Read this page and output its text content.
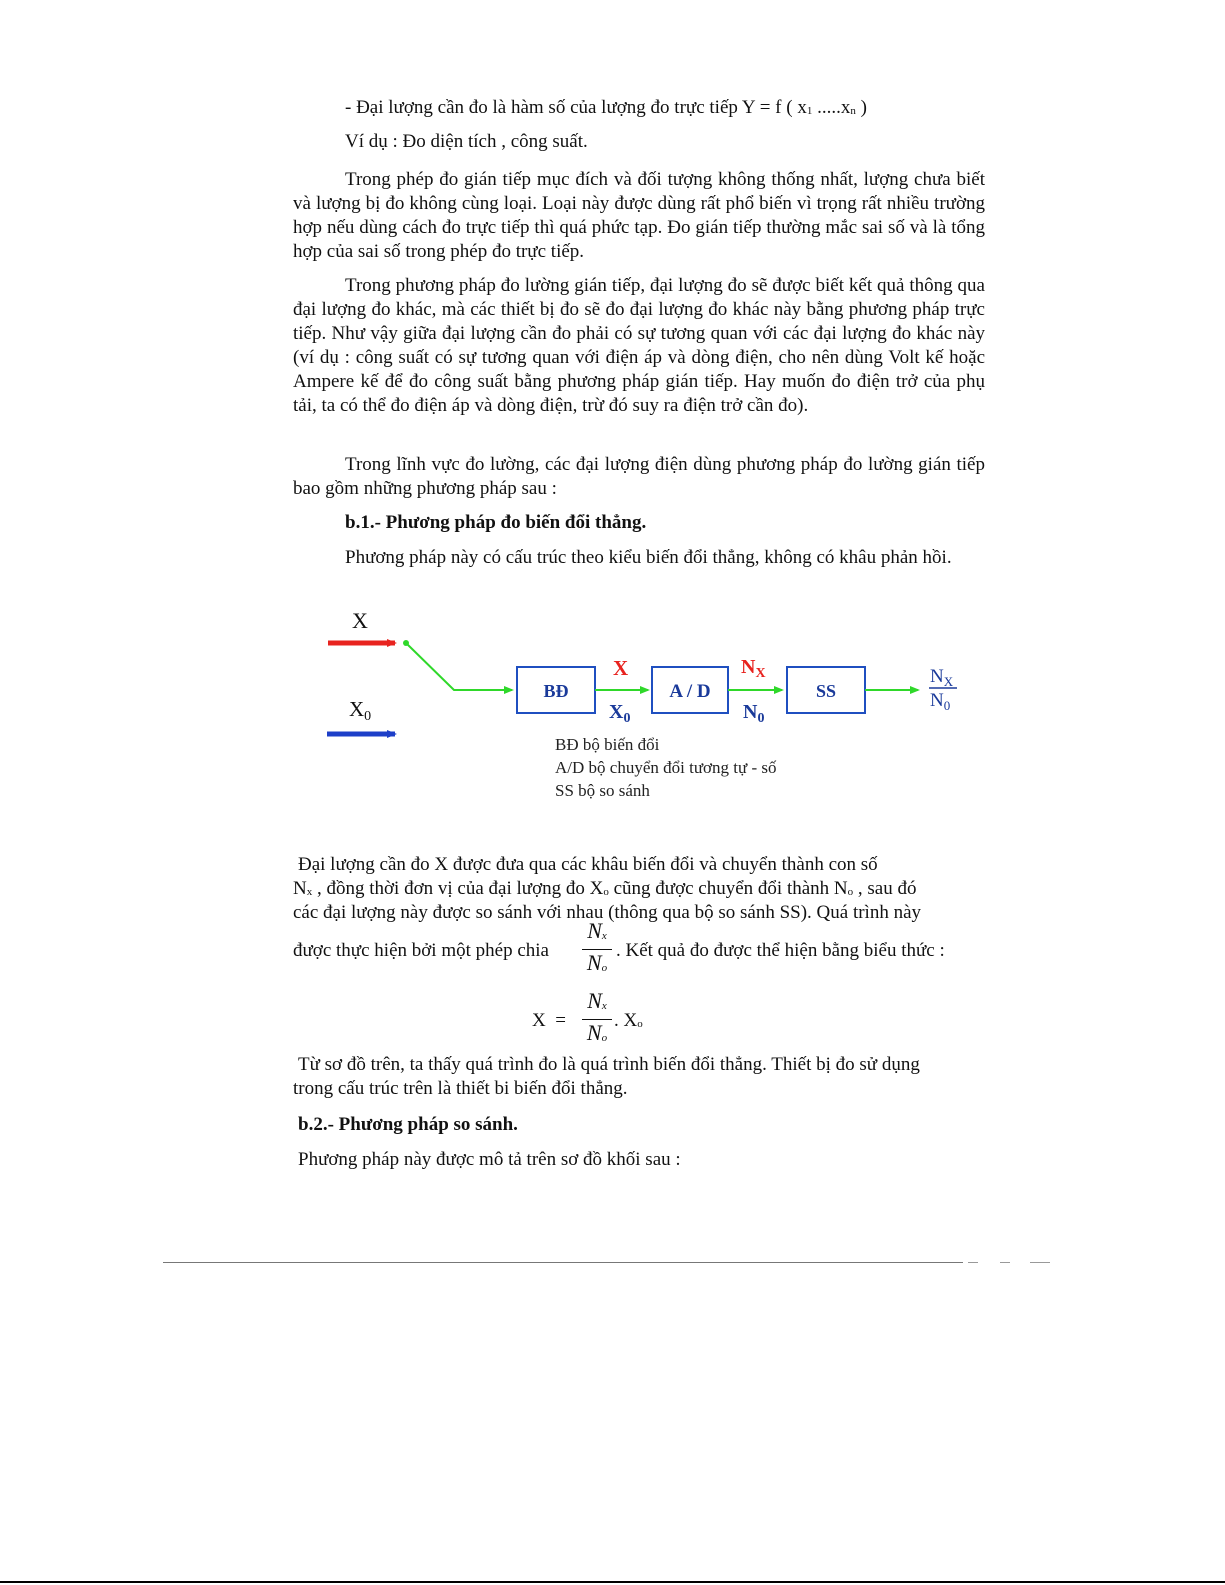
- Đại lượng cần đo là hàm số của lượng đo trực tiếp Y = f ( $x_1$ $.....x_n$ )

Ví dụ : Đo diện tích , công suất.

Trong phép đo gián tiếp mục đích và đối tượng không thống nhất, lượng chưa biết và lượng bị đo không cùng loại. Loại này được dùng rất phổ biến vì trọng rất nhiều trường hợp nếu dùng cách đo trực tiếp thì quá phức tạp. Đo gián tiếp thường mắc sai số và là tổng hợp của sai số trong phép đo trực tiếp.

Trong phương pháp đo lường gián tiếp, đại lượng đo sẽ được biết kết quả thông qua đại lượng đo khác, mà các thiết bị đo sẽ đo đại lượng đo khác này bằng phương pháp trực tiếp. Như vậy giữa đại lượng cần đo phải có sự tương quan với các đại lượng đo khác này (ví dụ : công suất có sự tương quan với điện áp và dòng điện, cho nên dùng Volt kế hoặc Ampere kế để đo công suất bằng phương pháp gián tiếp. Hay muốn đo điện trở của phụ tải, ta có thể đo điện áp và dòng điện, trừ đó suy ra điện trở cần đo).

Trong lĩnh vực đo lường, các đại lượng điện dùng phương pháp đo lường gián tiếp bao gồm những phương pháp sau :

b.1.- Phương pháp đo biến đổi thẳng.

Phương pháp này có cấu trúc theo kiểu biến đổi thẳng, không có khâu phản hồi.

X
X0
BĐ
X
$X_0$
A / D
$N_X$
$N_0$
SS
$N_X$
$N_0$
BĐ bộ biến đổi
A/D bộ chuyển đổi tương tự - số
SS bộ so sánh

Đại lượng cần đo X được đưa qua các khâu biến đổi và chuyển thành con số

$N_x$ , đồng thời đơn vị của đại lượng đo $X_o$ cũng được chuyển đổi thành $N_o$ , sau đó

các đại lượng này được so sánh với nhau (thông qua bộ so sánh SS). Quá trình này

được thực hiện bởi một phép chia

$N_x$
$N_o$

. Kết quả đo được thể hiện bằng biểu thức :

X  =

$N_x$
$N_o$

. $X_o$

Từ sơ đồ trên, ta thấy quá trình đo là quá trình biến đổi thẳng. Thiết bị đo sử dụng trong cấu trúc trên là thiết bi biến đổi thẳng.

b.2.- Phương pháp so sánh.

Phương pháp này được mô tả trên sơ đồ khối sau :
